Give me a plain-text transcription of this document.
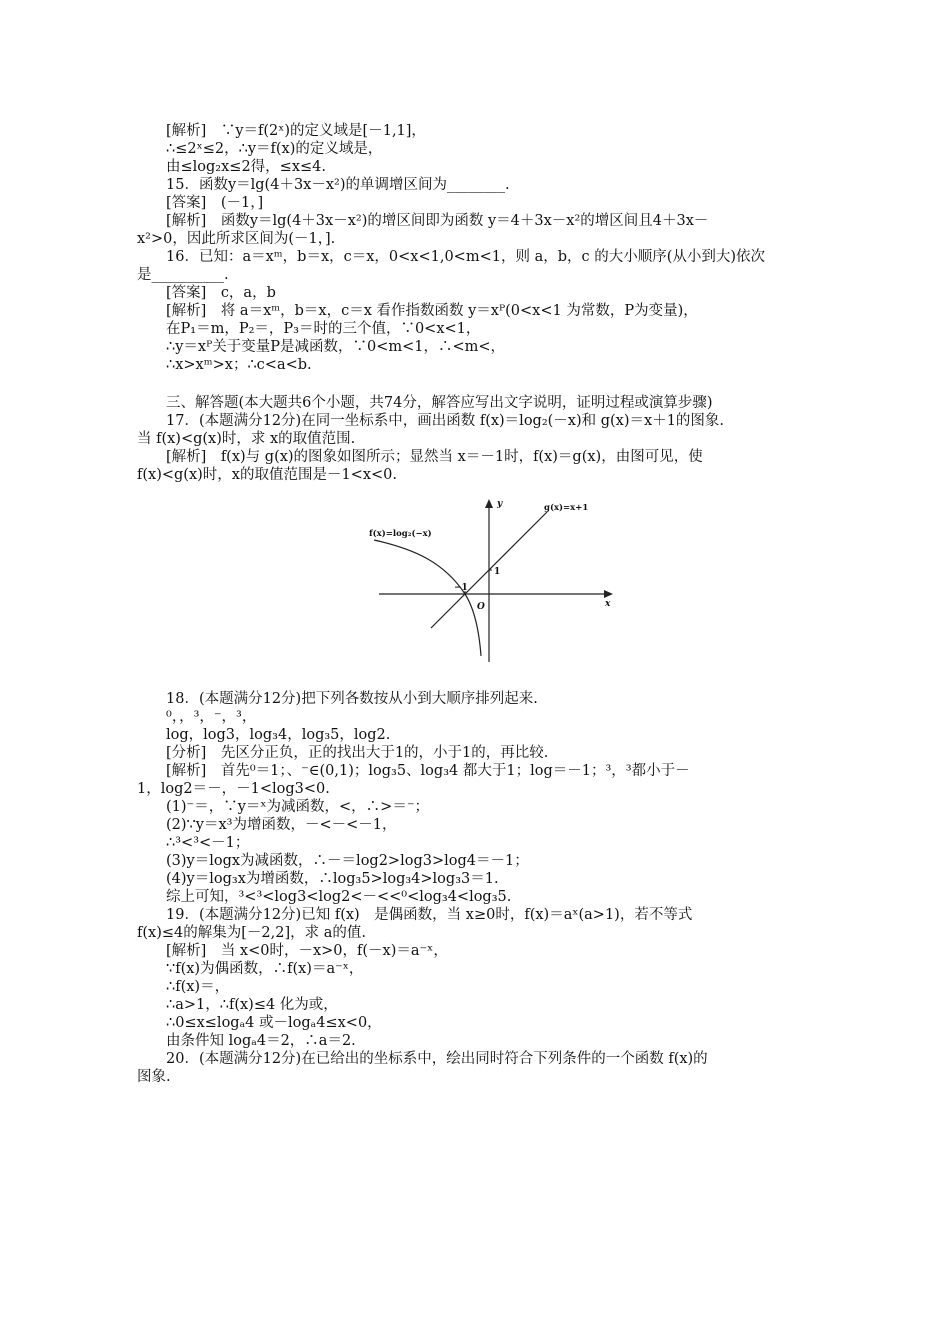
[解析]　∵y＝f(2ˣ)的定义域是[－1,1]，
∴≤2ˣ≤2，∴y＝f(x)的定义域是，
由≤log₂x≤2得，≤x≤4.
15．函数y＝lg(4＋3x－x²)的单调增区间为________.
[答案]　(－1，]
[解析]　函数y＝lg(4＋3x－x²)的增区间即为函数 y＝4＋3x－x²的增区间且4＋3x－
x²>0，因此所求区间为(－1，].
16．已知：a＝xᵐ，b＝x，c＝x，0<x<1,0<m<1，则 a，b，c 的大小顺序(从小到大)依次
是__________.
[答案]　c，a，b
[解析]　将 a＝xᵐ，b＝x，c＝x 看作指数函数 y＝xᴾ(0<x<1 为常数，P为变量)，
在P₁＝m，P₂＝，P₃＝时的三个值，∵0<x<1，
∴y＝xᴾ关于变量P是减函数，∵0<m<1，∴<m<，
∴x>xᵐ>x；∴c<a<b.
三、解答题(本大题共6个小题，共74分，解答应写出文字说明，证明过程或演算步骤)
17．(本题满分12分)在同一坐标系中，画出函数 f(x)＝log₂(－x)和 g(x)＝x＋1的图象.
当 f(x)<g(x)时，求 x的取值范围.
[解析]　f(x)与 g(x)的图象如图所示；显然当 x＝－1时，f(x)＝g(x)，由图可见，使
f(x)<g(x)时，x的取值范围是－1<x<0.
f(x)=log₂(−x)
g(x)=x+1
y
x
O
1
−1
18．(本题满分12分)把下列各数按从小到大顺序排列起来.
⁰，，³，⁻，³，
log，log3，log₃4，log₃5，log2.
[分析]　先区分正负，正的找出大于1的，小于1的，再比较.
[解析]　首先⁰＝1；、⁻∈(0,1)；log₃5、log₃4 都大于1；log＝－1；³，³都小于－
1，log2＝－，－1<log3<0.
(1)⁻＝，∵y＝ˣ为减函数，<，∴>＝⁻；
(2)∵y＝x³为增函数，－<－<－1，
∴³<³<－1；
(3)y＝logx为减函数，∴－＝log2>log3>log4＝－1；
(4)y＝log₃x为增函数，∴log₃5>log₃4>log₃3＝1.
综上可知，³<³<log3<log2<－<<⁰<log₃4<log₃5.
19．(本题满分12分)已知 f(x)　是偶函数，当 x≥0时，f(x)＝aˣ(a>1)，若不等式
f(x)≤4的解集为[－2,2]，求 a的值.
[解析]　当 x<0时，－x>0，f(－x)＝a⁻ˣ，
∵f(x)为偶函数，∴f(x)＝a⁻ˣ，
∴f(x)＝，
∴a>1，∴f(x)≤4 化为或，
∴0≤x≤logₐ4 或－logₐ4≤x<0，
由条件知 logₐ4＝2，∴a＝2.
20．(本题满分12分)在已给出的坐标系中，绘出同时符合下列条件的一个函数 f(x)的
图象.
